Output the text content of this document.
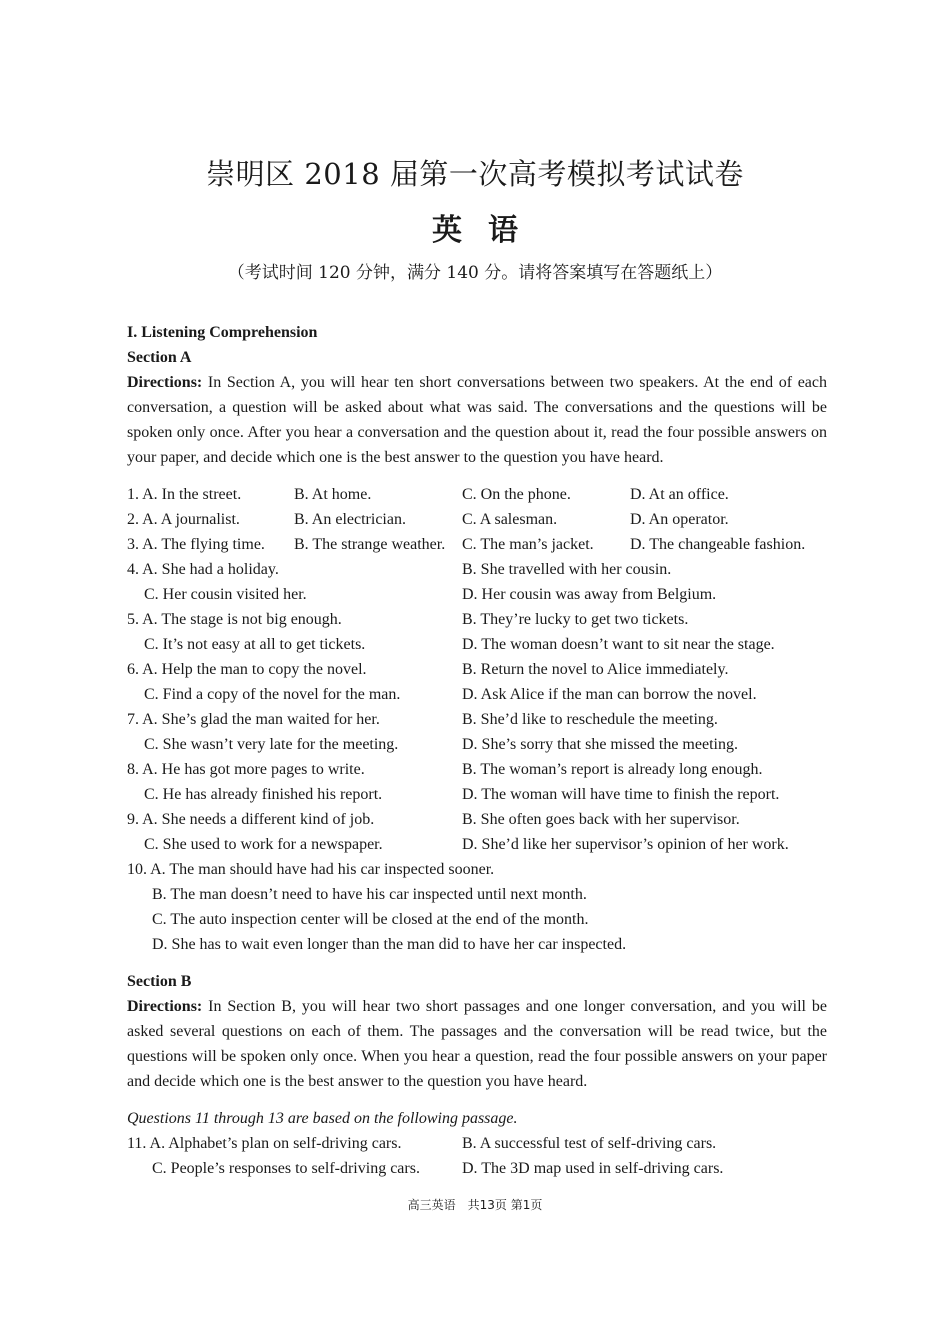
崇明区 2018 届第一次高考模拟考试试卷
英语
（考试时间 120 分钟，满分 140 分。请将答案填写在答题纸上）
I. Listening Comprehension
Section A
Directions: In Section A, you will hear ten short conversations between two speakers. At the end of each conversation, a question will be asked about what was said. The conversations and the questions will be spoken only once. After you hear a conversation and the question about it, read the four possible answers on your paper, and decide which one is the best answer to the question you have heard.
1. A. In the street.	B. At home.	C. On the phone.	D. At an office.
2. A. A journalist.	B. An electrician.	C. A salesman.	D. An operator.
3. A. The flying time. B. The strange weather. C. The man’s jacket. D. The changeable fashion.
4. A. She had a holiday.	B. She travelled with her cousin.
C. Her cousin visited her.	D. Her cousin was away from Belgium.
5. A. The stage is not big enough.	B. They’re lucky to get two tickets.
C. It’s not easy at all to get tickets.	D. The woman doesn’t want to sit near the stage.
6. A. Help the man to copy the novel.	B. Return the novel to Alice immediately.
C. Find a copy of the novel for the man.	D. Ask Alice if the man can borrow the novel.
7. A. She’s glad the man waited for her.	B. She’d like to reschedule the meeting.
C. She wasn’t very late for the meeting.	D. She’s sorry that she missed the meeting.
8. A. He has got more pages to write.	B. The woman’s report is already long enough.
C. He has already finished his report.	D. The woman will have time to finish the report.
9. A. She needs a different kind of job.	B. She often goes back with her supervisor.
C. She used to work for a newspaper.	D. She’d like her supervisor’s opinion of her work.
10. A. The man should have had his car inspected sooner.
B. The man doesn’t need to have his car inspected until next month.
C. The auto inspection center will be closed at the end of the month.
D. She has to wait even longer than the man did to have her car inspected.
Section B
Directions: In Section B, you will hear two short passages and one longer conversation, and you will be asked several questions on each of them. The passages and the conversation will be read twice, but the questions will be spoken only once. When you hear a question, read the four possible answers on your paper and decide which one is the best answer to the question you have heard.
Questions 11 through 13 are based on the following passage.
11. A. Alphabet’s plan on self-driving cars.	B. A successful test of self-driving cars.
C. People’s responses to self-driving cars.	D. The 3D map used in self-driving cars.
高三英语　共13页 第1页
